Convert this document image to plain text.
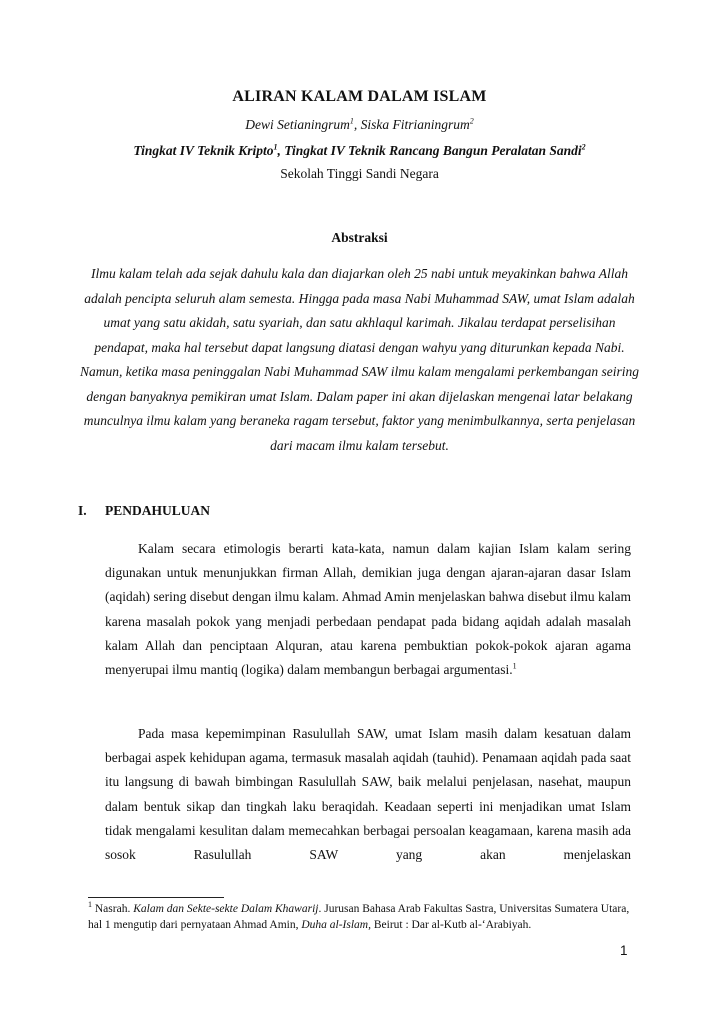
ALIRAN KALAM DALAM ISLAM
Dewi Setianingrum$^1$, Siska Fitrianingrum$^2$
Tingkat IV Teknik Kripto$^1$, Tingkat IV Teknik Rancang Bangun Peralatan Sandi$^2$
Sekolah Tinggi Sandi Negara
Abstraksi

Ilmu kalam telah ada sejak dahulu kala dan diajarkan oleh 25 nabi untuk meyakinkan bahwa Allah adalah pencipta seluruh alam semesta. Hingga pada masa Nabi Muhammad SAW, umat Islam adalah umat yang satu akidah, satu syariah, dan satu akhlaqul karimah. Jikalau terdapat perselisihan pendapat, maka hal tersebut dapat langsung diatasi dengan wahyu yang diturunkan kepada Nabi. Namun, ketika masa peninggalan Nabi Muhammad SAW ilmu kalam mengalami perkembangan seiring dengan banyaknya pemikiran umat Islam. Dalam paper ini akan dijelaskan mengenai latar belakang munculnya ilmu kalam yang beraneka ragam tersebut, faktor yang menimbulkannya, serta penjelasan dari macam ilmu kalam tersebut.

I. PENDAHULUAN

Kalam secara etimologis berarti kata-kata, namun dalam kajian Islam kalam sering digunakan untuk menunjukkan firman Allah, demikian juga dengan ajaran-ajaran dasar Islam (aqidah) sering disebut dengan ilmu kalam. Ahmad Amin menjelaskan bahwa disebut ilmu kalam karena masalah pokok yang menjadi perbedaan pendapat pada bidang aqidah adalah masalah kalam Allah dan penciptaan Alquran, atau karena pembuktian pokok-pokok ajaran agama menyerupai ilmu mantiq (logika) dalam membangun berbagai argumentasi.$^1$

Pada masa kepemimpinan Rasulullah SAW, umat Islam masih dalam kesatuan dalam berbagai aspek kehidupan agama, termasuk masalah aqidah (tauhid). Penamaan aqidah pada saat itu langsung di bawah bimbingan Rasulullah SAW, baik melalui penjelasan, nasehat, maupun dalam bentuk sikap dan tingkah laku beraqidah. Keadaan seperti ini menjadikan umat Islam tidak mengalami kesulitan dalam memecahkan berbagai persoalan keagamaan, karena masih ada sosok Rasulullah SAW yang akan menjelaskan

$^1$ Nasrah. Kalam dan Sekte-sekte Dalam Khawarij. Jurusan Bahasa Arab Fakultas Sastra, Universitas Sumatera Utara, hal 1 mengutip dari pernyataan Ahmad Amin, Duha al-Islam, Beirut : Dar al-Kutb al-‘Arabiyah.

1
